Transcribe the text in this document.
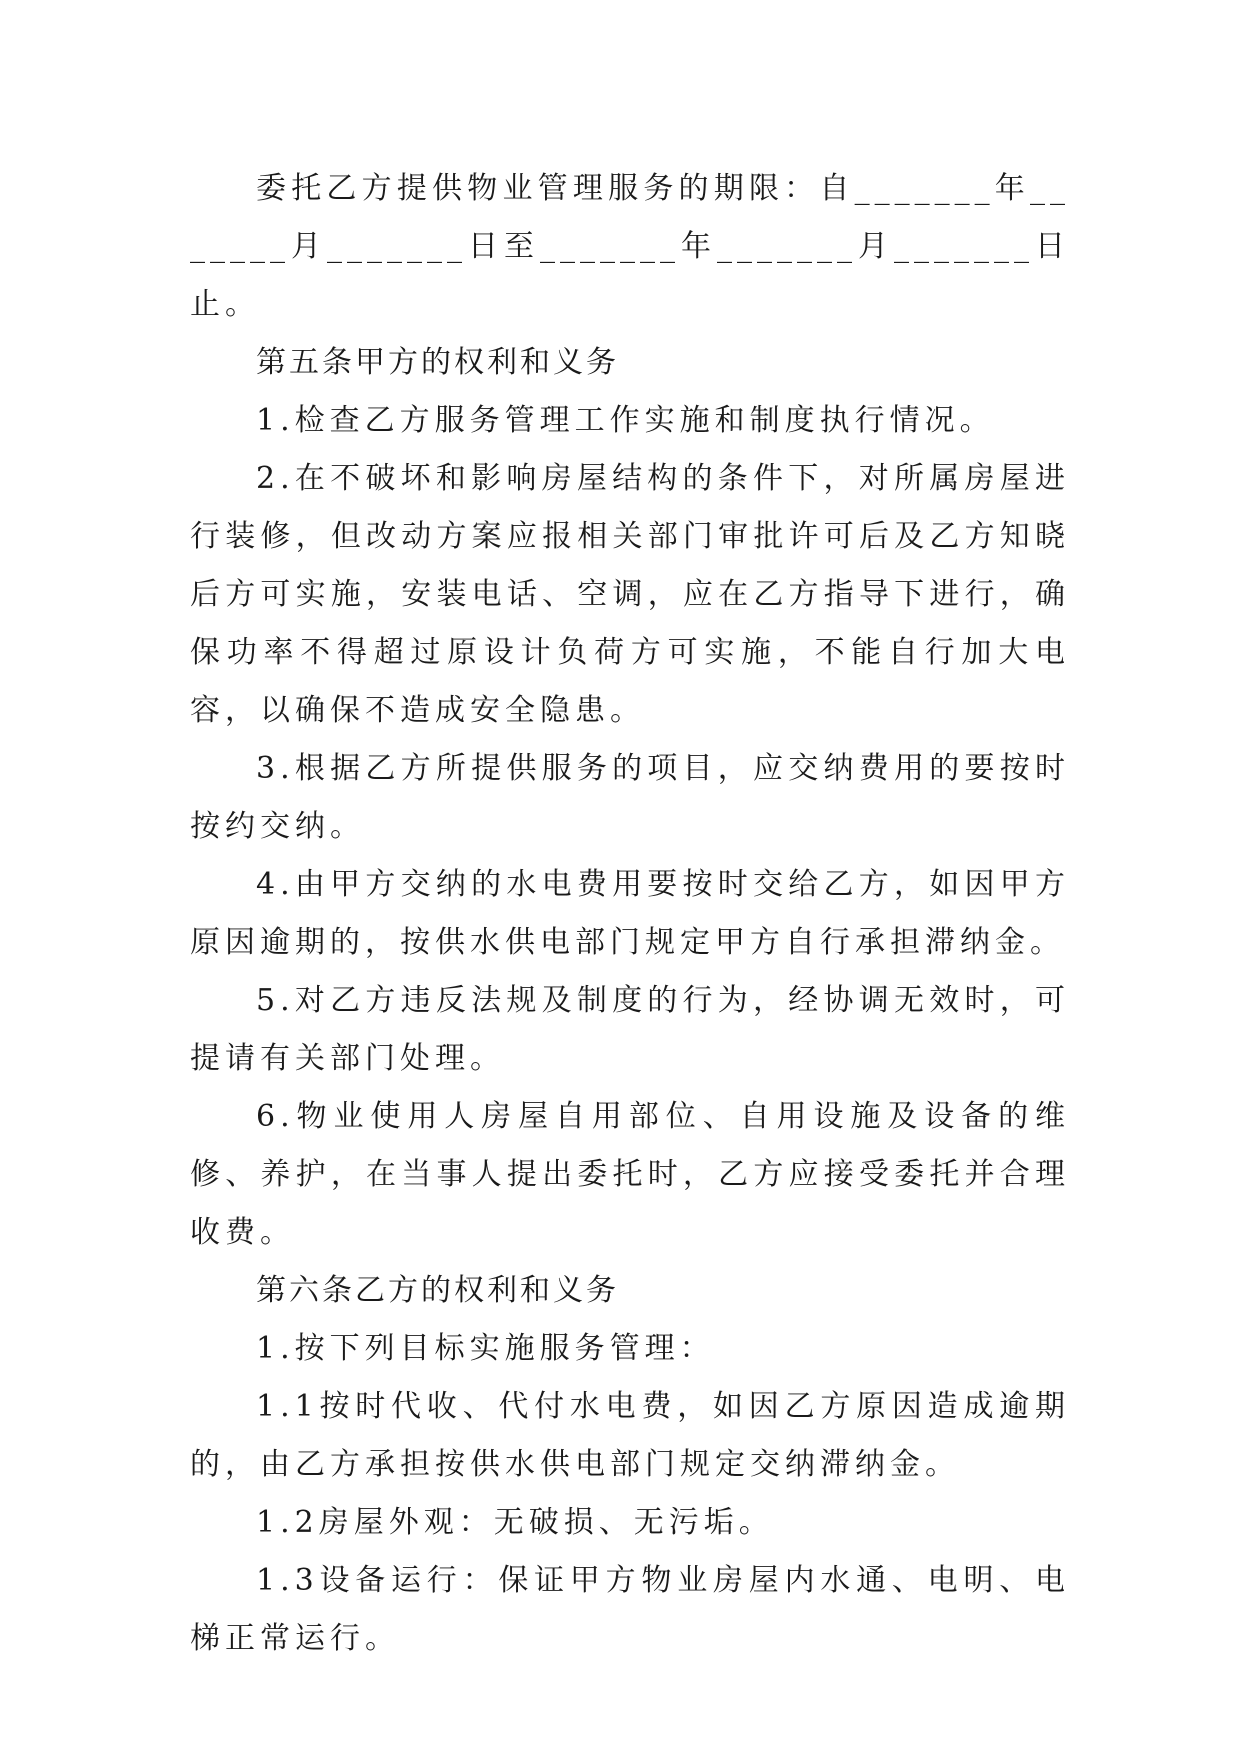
委托乙方提供物业管理服务的期限：自_______年_______月_______日至_______年_______月_______日止。

第五条甲方的权利和义务

1.检查乙方服务管理工作实施和制度执行情况。

2.在不破坏和影响房屋结构的条件下，对所属房屋进行装修，但改动方案应报相关部门审批许可后及乙方知晓后方可实施，安装电话、空调，应在乙方指导下进行，确保功率不得超过原设计负荷方可实施，不能自行加大电容，以确保不造成安全隐患。

3.根据乙方所提供服务的项目，应交纳费用的要按时按约交纳。

4.由甲方交纳的水电费用要按时交给乙方，如因甲方原因逾期的，按供水供电部门规定甲方自行承担滞纳金。

5.对乙方违反法规及制度的行为，经协调无效时，可提请有关部门处理。

6.物业使用人房屋自用部位、自用设施及设备的维修、养护，在当事人提出委托时，乙方应接受委托并合理收费。

第六条乙方的权利和义务

1.按下列目标实施服务管理：

1.1按时代收、代付水电费，如因乙方原因造成逾期的，由乙方承担按供水供电部门规定交纳滞纳金。

1.2房屋外观：无破损、无污垢。

1.3设备运行：保证甲方物业房屋内水通、电明、电梯正常运行。
